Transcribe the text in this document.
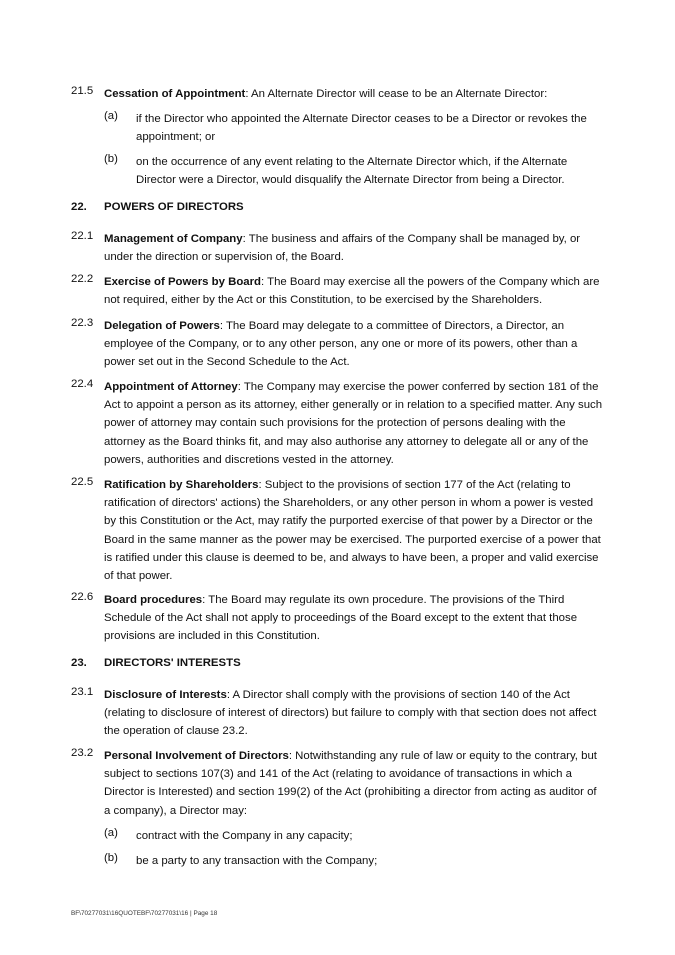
21.5 Cessation of Appointment: An Alternate Director will cease to be an Alternate Director:
(a) if the Director who appointed the Alternate Director ceases to be a Director or revokes the appointment; or
(b) on the occurrence of any event relating to the Alternate Director which, if the Alternate Director were a Director, would disqualify the Alternate Director from being a Director.
22. POWERS OF DIRECTORS
22.1 Management of Company: The business and affairs of the Company shall be managed by, or under the direction or supervision of, the Board.
22.2 Exercise of Powers by Board: The Board may exercise all the powers of the Company which are not required, either by the Act or this Constitution, to be exercised by the Shareholders.
22.3 Delegation of Powers: The Board may delegate to a committee of Directors, a Director, an employee of the Company, or to any other person, any one or more of its powers, other than a power set out in the Second Schedule to the Act.
22.4 Appointment of Attorney: The Company may exercise the power conferred by section 181 of the Act to appoint a person as its attorney, either generally or in relation to a specified matter. Any such power of attorney may contain such provisions for the protection of persons dealing with the attorney as the Board thinks fit, and may also authorise any attorney to delegate all or any of the powers, authorities and discretions vested in the attorney.
22.5 Ratification by Shareholders: Subject to the provisions of section 177 of the Act (relating to ratification of directors' actions) the Shareholders, or any other person in whom a power is vested by this Constitution or the Act, may ratify the purported exercise of that power by a Director or the Board in the same manner as the power may be exercised. The purported exercise of a power that is ratified under this clause is deemed to be, and always to have been, a proper and valid exercise of that power.
22.6 Board procedures: The Board may regulate its own procedure. The provisions of the Third Schedule of the Act shall not apply to proceedings of the Board except to the extent that those provisions are included in this Constitution.
23. DIRECTORS' INTERESTS
23.1 Disclosure of Interests: A Director shall comply with the provisions of section 140 of the Act (relating to disclosure of interest of directors) but failure to comply with that section does not affect the operation of clause 23.2.
23.2 Personal Involvement of Directors: Notwithstanding any rule of law or equity to the contrary, but subject to sections 107(3) and 141 of the Act (relating to avoidance of transactions in which a Director is Interested) and section 199(2) of the Act (prohibiting a director from acting as auditor of a company), a Director may:
(a) contract with the Company in any capacity;
(b) be a party to any transaction with the Company;
BF\70277031\16QUOTEBF\70277031\16 | Page 18
